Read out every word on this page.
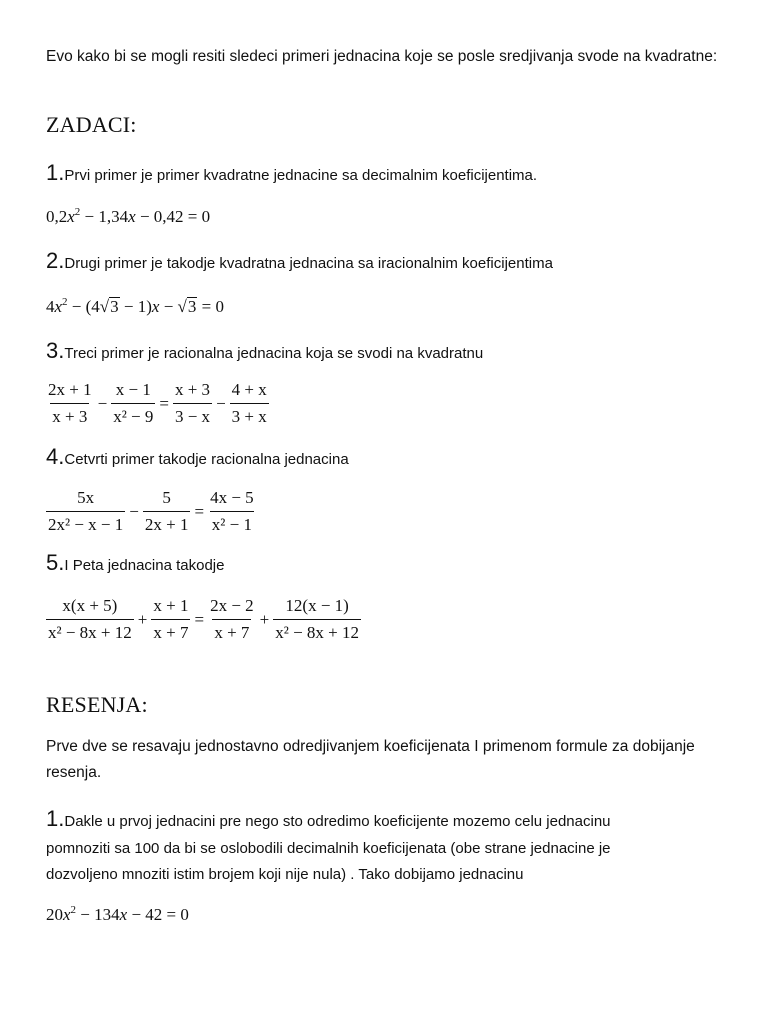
Evo kako bi se mogli resiti sledeci primeri jednacina koje se posle sredjivanja svode na kvadratne:
ZADACI:
1.Prvi primer je primer kvadratne jednacine sa decimalnim koeficijentima.
$0,2x^2 - 1,34x - 0,42 = 0$
2.Drugi primer je takodje kvadratna jednacina sa iracionalnim koeficijentima
$4x^2 - (4√3 - 1)x - √3 = 0$
3.Treci primer je racionalna jednacina koja se svodi na kvadratnu
$\frac{2x + 1}{x + 3} - \frac{x - 1}{\text{x² − 9}} = \frac{x + 3}{3 - x} - \frac{4 + x}{3 + x}$
4.Cetvrti primer takodje racionalna jednacina
$\frac{5x}{\text{2x² − x − 1}} - \frac{5}{2x + 1} = \frac{4x - 5}{\text{x² − 1}}$
5.I Peta jednacina takodje
$\frac{x(x + 5)}{\text{x² − 8x + 12}} + \frac{x + 1}{x + 7} = \frac{2x - 2}{x + 7} + \frac{12(x - 1)}{\text{x² − 8x + 12}}$
RESENJA:
Prve dve se resavaju jednostavno odredjivanjem koeficijenata I primenom formule za dobijanje resenja.
1.Dakle u prvoj jednacini pre nego sto odredimo koeficijente mozemo celu jednacinu
pomnoziti sa 100 da bi se oslobodili decimalnih koeficijenata (obe strane jednacine je
dozvoljeno mnoziti istim brojem koji nije nula) . Tako dobijamo jednacinu
$20x^2 - 134x - 42 = 0$
